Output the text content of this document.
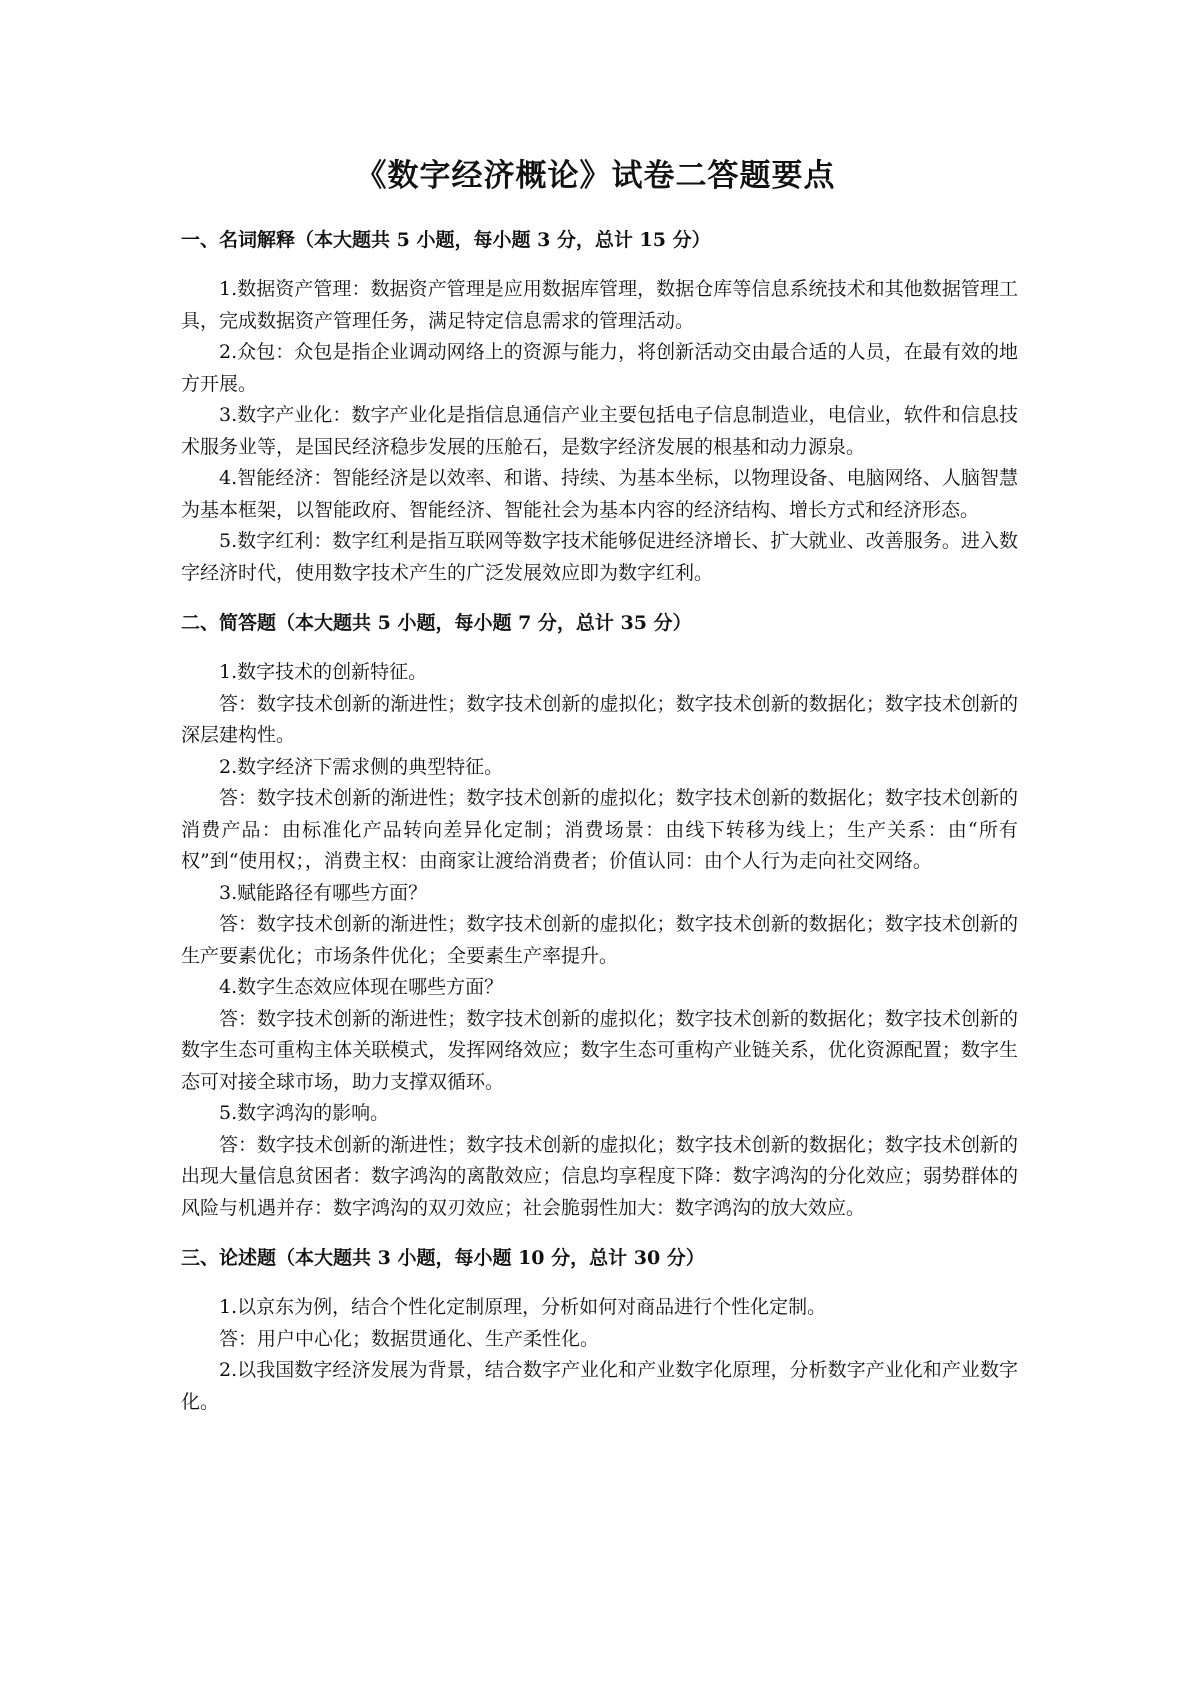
《数字经济概论》试卷二答题要点
一、名词解释（本大题共 5 小题，每小题 3 分，总计 15 分）

1.数据资产管理：数据资产管理是应用数据库管理，数据仓库等信息系统技术和其他数据管理工具，完成数据资产管理任务，满足特定信息需求的管理活动。

2.众包：众包是指企业调动网络上的资源与能力，将创新活动交由最合适的人员，在最有效的地方开展。

3.数字产业化：数字产业化是指信息通信产业主要包括电子信息制造业，电信业，软件和信息技术服务业等，是国民经济稳步发展的压舱石，是数字经济发展的根基和动力源泉。

4.智能经济：智能经济是以效率、和谐、持续、为基本坐标，以物理设备、电脑网络、人脑智慧为基本框架，以智能政府、智能经济、智能社会为基本内容的经济结构、增长方式和经济形态。

5.数字红利：数字红利是指互联网等数字技术能够促进经济增长、扩大就业、改善服务。进入数字经济时代，使用数字技术产生的广泛发展效应即为数字红利。

二、简答题（本大题共 5 小题，每小题 7 分，总计 35 分）

1.数字技术的创新特征。

答：数字技术创新的渐进性；数字技术创新的虚拟化；数字技术创新的数据化；数字技术创新的深层建构性。

2.数字经济下需求侧的典型特征。

答：数字技术创新的渐进性；数字技术创新的虚拟化；数字技术创新的数据化；数字技术创新的消费产品：由标准化产品转向差异化定制；消费场景：由线下转移为线上；生产关系：由“所有权”到“使用权；，消费主权：由商家让渡给消费者；价值认同：由个人行为走向社交网络。

3.赋能路径有哪些方面？

答：数字技术创新的渐进性；数字技术创新的虚拟化；数字技术创新的数据化；数字技术创新的生产要素优化；市场条件优化；全要素生产率提升。

4.数字生态效应体现在哪些方面？

答：数字技术创新的渐进性；数字技术创新的虚拟化；数字技术创新的数据化；数字技术创新的数字生态可重构主体关联模式，发挥网络效应；数字生态可重构产业链关系，优化资源配置；数字生态可对接全球市场，助力支撑双循环。

5.数字鸿沟的影响。

答：数字技术创新的渐进性；数字技术创新的虚拟化；数字技术创新的数据化；数字技术创新的出现大量信息贫困者：数字鸿沟的离散效应；信息均享程度下降：数字鸿沟的分化效应；弱势群体的风险与机遇并存：数字鸿沟的双刃效应；社会脆弱性加大：数字鸿沟的放大效应。

三、论述题（本大题共 3 小题，每小题 10 分，总计 30 分）

1.以京东为例，结合个性化定制原理，分析如何对商品进行个性化定制。

答：用户中心化；数据贯通化、生产柔性化。

2.以我国数字经济发展为背景，结合数字产业化和产业数字化原理，分析数字产业化和产业数字化。
